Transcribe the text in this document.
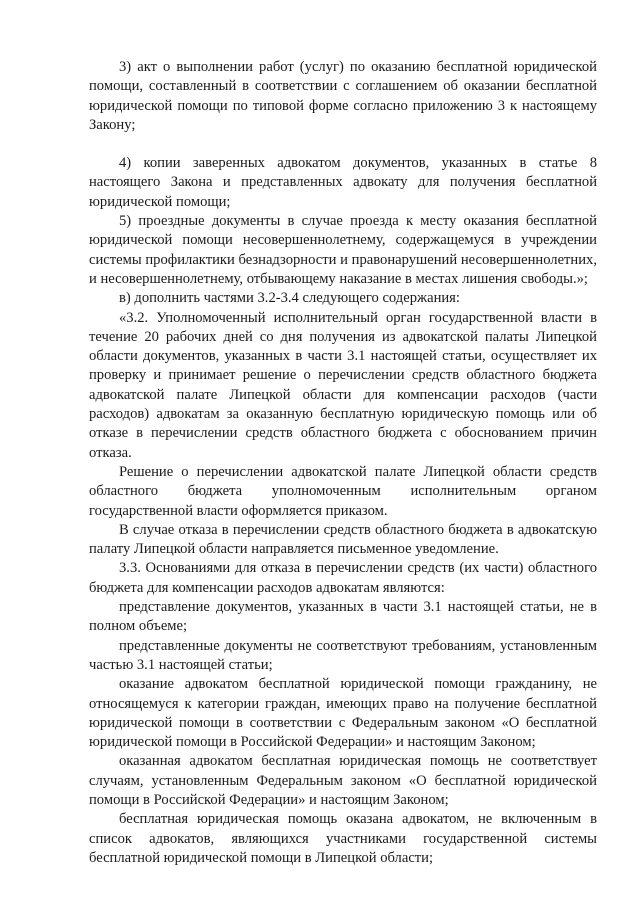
3) акт о выполнении работ (услуг) по оказанию бесплатной юридической помощи, составленный в соответствии с соглашением об оказании бесплатной юридической помощи по типовой форме согласно приложению 3 к настоящему Закону;

4) копии заверенных адвокатом документов, указанных в статье 8 настоящего Закона и представленных адвокату для получения бесплатной юридической помощи;

5) проездные документы в случае проезда к месту оказания бесплатной юридической помощи несовершеннолетнему, содержащемуся в учреждении системы профилактики безнадзорности и правонарушений несовершеннолетних, и несовершеннолетнему, отбывающему наказание в местах лишения свободы.»;

в) дополнить частями 3.2-3.4 следующего содержания:

«3.2. Уполномоченный исполнительный орган государственной власти в течение 20 рабочих дней со дня получения из адвокатской палаты Липецкой области документов, указанных в части 3.1 настоящей статьи, осуществляет их проверку и принимает решение о перечислении средств областного бюджета адвокатской палате Липецкой области для компенсации расходов (части расходов) адвокатам за оказанную бесплатную юридическую помощь или об отказе в перечислении средств областного бюджета с обоснованием причин отказа.

Решение о перечислении адвокатской палате Липецкой области средств областного бюджета уполномоченным исполнительным органом государственной власти оформляется приказом.

В случае отказа в перечислении средств областного бюджета в адвокатскую палату Липецкой области направляется письменное уведомление.

3.3. Основаниями для отказа в перечислении средств (их части) областного бюджета для компенсации расходов адвокатам являются:

представление документов, указанных в части 3.1 настоящей статьи, не в полном объеме;

представленные документы не соответствуют требованиям, установленным частью 3.1 настоящей статьи;

оказание адвокатом бесплатной юридической помощи гражданину, не относящемуся к категории граждан, имеющих право на получение бесплатной юридической помощи в соответствии с Федеральным законом «О бесплатной юридической помощи в Российской Федерации» и настоящим Законом;

оказанная адвокатом бесплатная юридическая помощь не соответствует случаям, установленным Федеральным законом «О бесплатной юридической помощи в Российской Федерации» и настоящим Законом;

бесплатная юридическая помощь оказана адвокатом, не включенным в список адвокатов, являющихся участниками государственной системы бесплатной юридической помощи в Липецкой области;
